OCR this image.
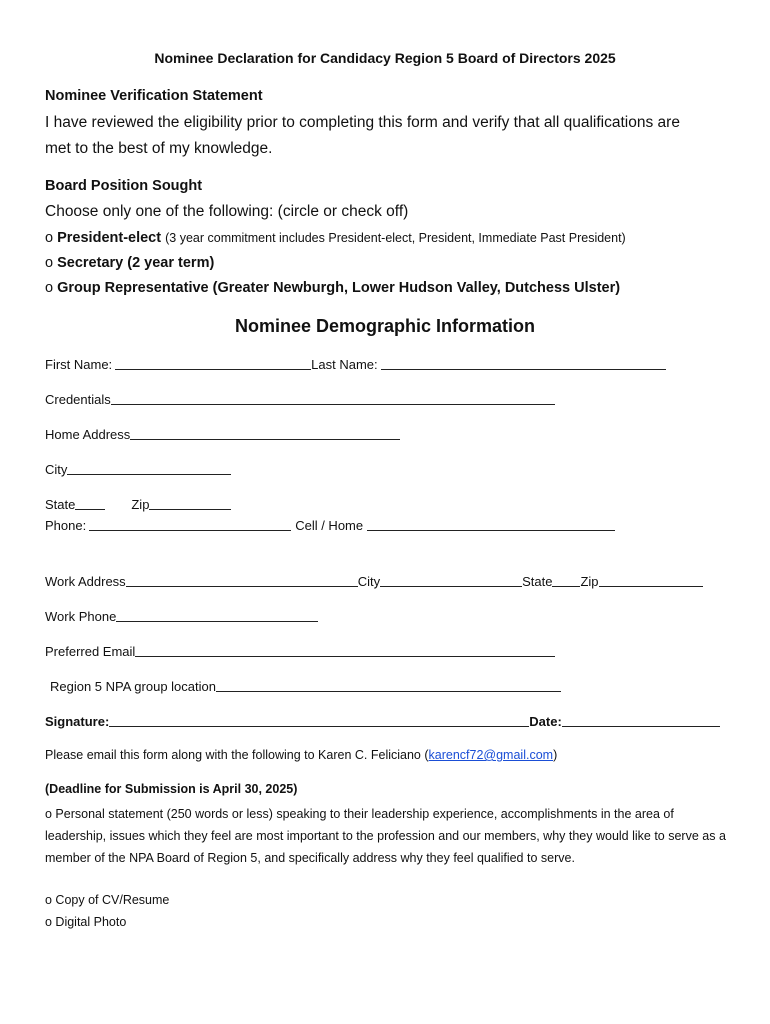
Nominee Declaration for Candidacy Region 5 Board of Directors 2025
Nominee Verification Statement
I have reviewed the eligibility prior to completing this form and verify that all qualifications are
met to the best of my knowledge.
Board Position Sought
Choose only one of the following: (circle or check off)
o President-elect (3 year commitment includes President-elect, President, Immediate Past President)
o Secretary (2 year term)
o Group Representative (Greater Newburgh, Lower Hudson Valley, Dutchess Ulster)
Nominee Demographic Information
First Name:	Last Name:
Credentials
Home Address
City
State	Zip
Phone:	Cell / Home
Work Address	City	State Zip
Work Phone
Preferred Email
Region 5 NPA group location
Signature:	Date:
Please email this form along with the following to Karen C. Feliciano (karencf72@gmail.com)
(Deadline for Submission is April 30, 2025)
o Personal statement (250 words or less) speaking to their leadership experience, accomplishments in the area of leadership, issues which they feel are most important to the profession and our members, why they would like to serve as a member of the NPA Board of Region 5, and specifically address why they feel qualified to serve.
o Copy of CV/Resume
o Digital Photo
